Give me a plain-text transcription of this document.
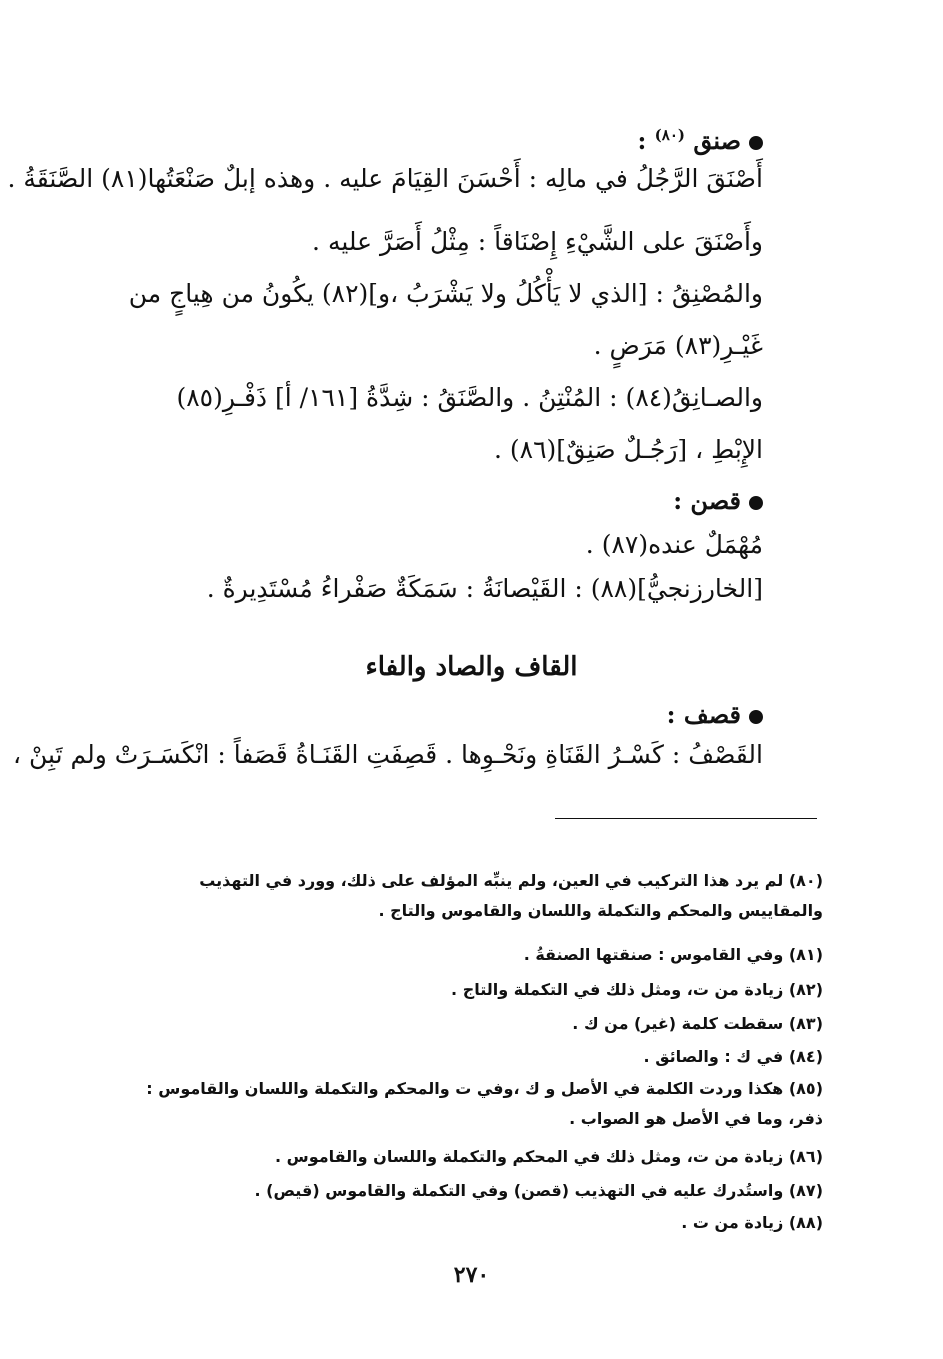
صنق $^{(٨٠)}$ :
أَصْنَقَ الرَّجُلُ في مالِه : أَحْسَنَ القِيَامَ عليه . وهذه إبلٌ صَنْعَتُها(٨١) الصَّنَقَةُ .
وأَصْنَقَ على الشَّيْءِ إِصْنَاقاً : مِثْلُ أَصَرَّ عليه .
والمُصْنِقُ : [الذي لا يَأْكُلُ ولا يَشْرَبُ ،و](٨٢) يكُونُ من هِياجٍ من غَيْـرِ(٨٣) مَرَضٍ .
والصـانِقُ(٨٤) : المُنْتِنُ . والصَّنَقُ : شِدَّةُ [١٦١/ أ] ذَفْـرِ(٨٥) الإِبْطِ ، [رَجُـلٌ صَنِقٌ](٨٦) .
قصن :
مُهْمَلٌ عنده(٨٧) .
[الخارزنجيُّ](٨٨) : القَيْصانَةُ : سَمَكَةٌ صَفْراءُ مُسْتَدِيرةٌ .
القاف والصاد والفاء
قصف :
القَصْفُ : كَسْـرُ القَنَاةِ ونَحْـوِها . قَصِفَتِ القَنَـاةُ قَصَفاً : انْكَسَـرَتْ ولم تَبِنْ ،
(٨٠) لم يرد هذا التركيب في العين، ولم ينبِّه المؤلف على ذلك، وورد في التهذيب والمقاييس والمحكم والتكملة واللسان والقاموس والتاج .
(٨١) وفي القاموس : صنقتها الصنقةُ .
(٨٢) زيادة من ت، ومثل ذلك في التكملة والتاج .
(٨٣) سقطت كلمة (غير) من ك .
(٨٤) في ك : والصائق .
(٨٥) هكذا وردت الكلمة في الأصل و ك ،وفي ت والمحكم والتكملة واللسان والقاموس : ذفر، وما في الأصل هو الصواب .
(٨٦) زيادة من ت، ومثل ذلك في المحكم والتكملة واللسان والقاموس .
(٨٧) واستُدرك عليه في التهذيب (قصن) وفي التكملة والقاموس (قيص) .
(٨٨) زيادة من ت .
٢٧٠
